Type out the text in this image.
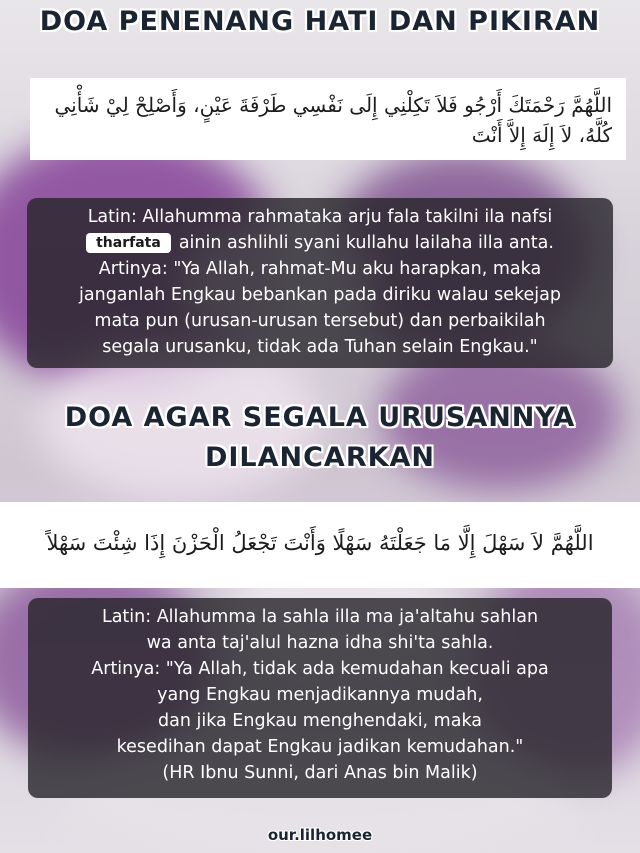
DOA PENENANG HATI DAN PIKIRAN
اللَّهُمَّ رَحْمَتَكَ أَرْجُو فَلاَ تَكِلْنِي إِلَى نَفْسِي طَرْفَةَ عَيْنٍ، وَأَصْلِحْ لِيْ شَأْنِي كُلَّهُ، لاَ إِلَهَ إِلاَّ أَنْتَ
Latin: Allahumma rahmataka arju fala takilni ila nafsi
tharfata ainin ashlihli syani kullahu lailaha illa anta.
Artinya: "Ya Allah, rahmat-Mu aku harapkan, maka
janganlah Engkau bebankan pada diriku walau sekejap
mata pun (urusan-urusan tersebut) dan perbaikilah
segala urusanku, tidak ada Tuhan selain Engkau."
DOA AGAR SEGALA URUSANNYA
DILANCARKAN
اللَّهُمَّ لاَ سَهْلَ إِلَّا مَا جَعَلْتَهُ سَهْلًا وَأَنْتَ تَجْعَلُ الْحَزْنَ إِذَا شِئْتَ سَهْلاً
Latin: Allahumma la sahla illa ma ja'altahu sahlan
wa anta taj'alul hazna idha shi'ta sahla.
Artinya: "Ya Allah, tidak ada kemudahan kecuali apa
yang Engkau menjadikannya mudah,
dan jika Engkau menghendaki, maka
kesedihan dapat Engkau jadikan kemudahan."
(HR Ibnu Sunni, dari Anas bin Malik)
our.lilhomee
